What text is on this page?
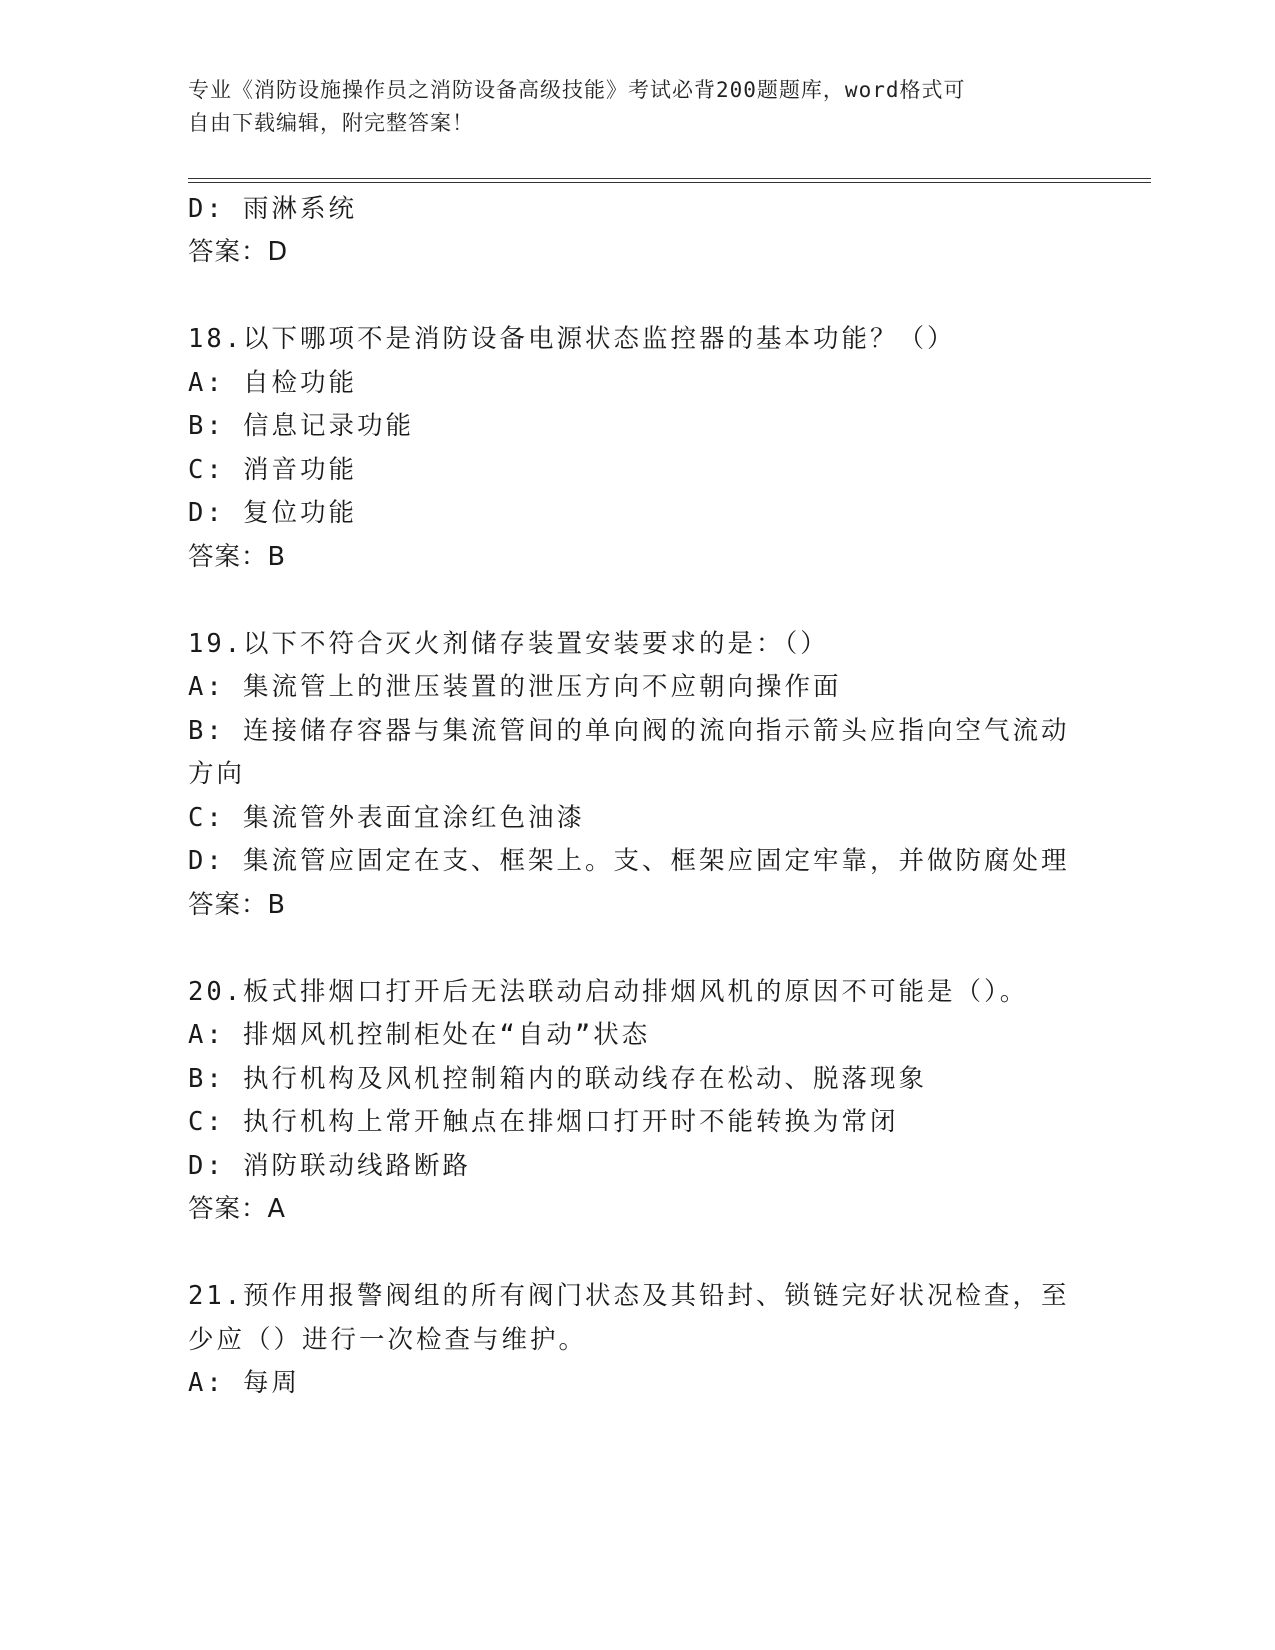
专业《消防设施操作员之消防设备高级技能》考试必背200题题库，word格式可
自由下载编辑，附完整答案！
D: 雨淋系统
答案：D
18.以下哪项不是消防设备电源状态监控器的基本功能？（）
A: 自检功能
B: 信息记录功能
C: 消音功能
D: 复位功能
答案：B
19.以下不符合灭火剂储存装置安装要求的是：（）
A: 集流管上的泄压装置的泄压方向不应朝向操作面
B: 连接储存容器与集流管间的单向阀的流向指示箭头应指向空气流动
方向
C: 集流管外表面宜涂红色油漆
D: 集流管应固定在支、框架上。支、框架应固定牢靠，并做防腐处理
答案：B
20.板式排烟口打开后无法联动启动排烟风机的原因不可能是（）。
A: 排烟风机控制柜处在“自动”状态
B: 执行机构及风机控制箱内的联动线存在松动、脱落现象
C: 执行机构上常开触点在排烟口打开时不能转换为常闭
D: 消防联动线路断路
答案：A
21.预作用报警阀组的所有阀门状态及其铅封、锁链完好状况检查，至
少应（）进行一次检查与维护。
A: 每周
